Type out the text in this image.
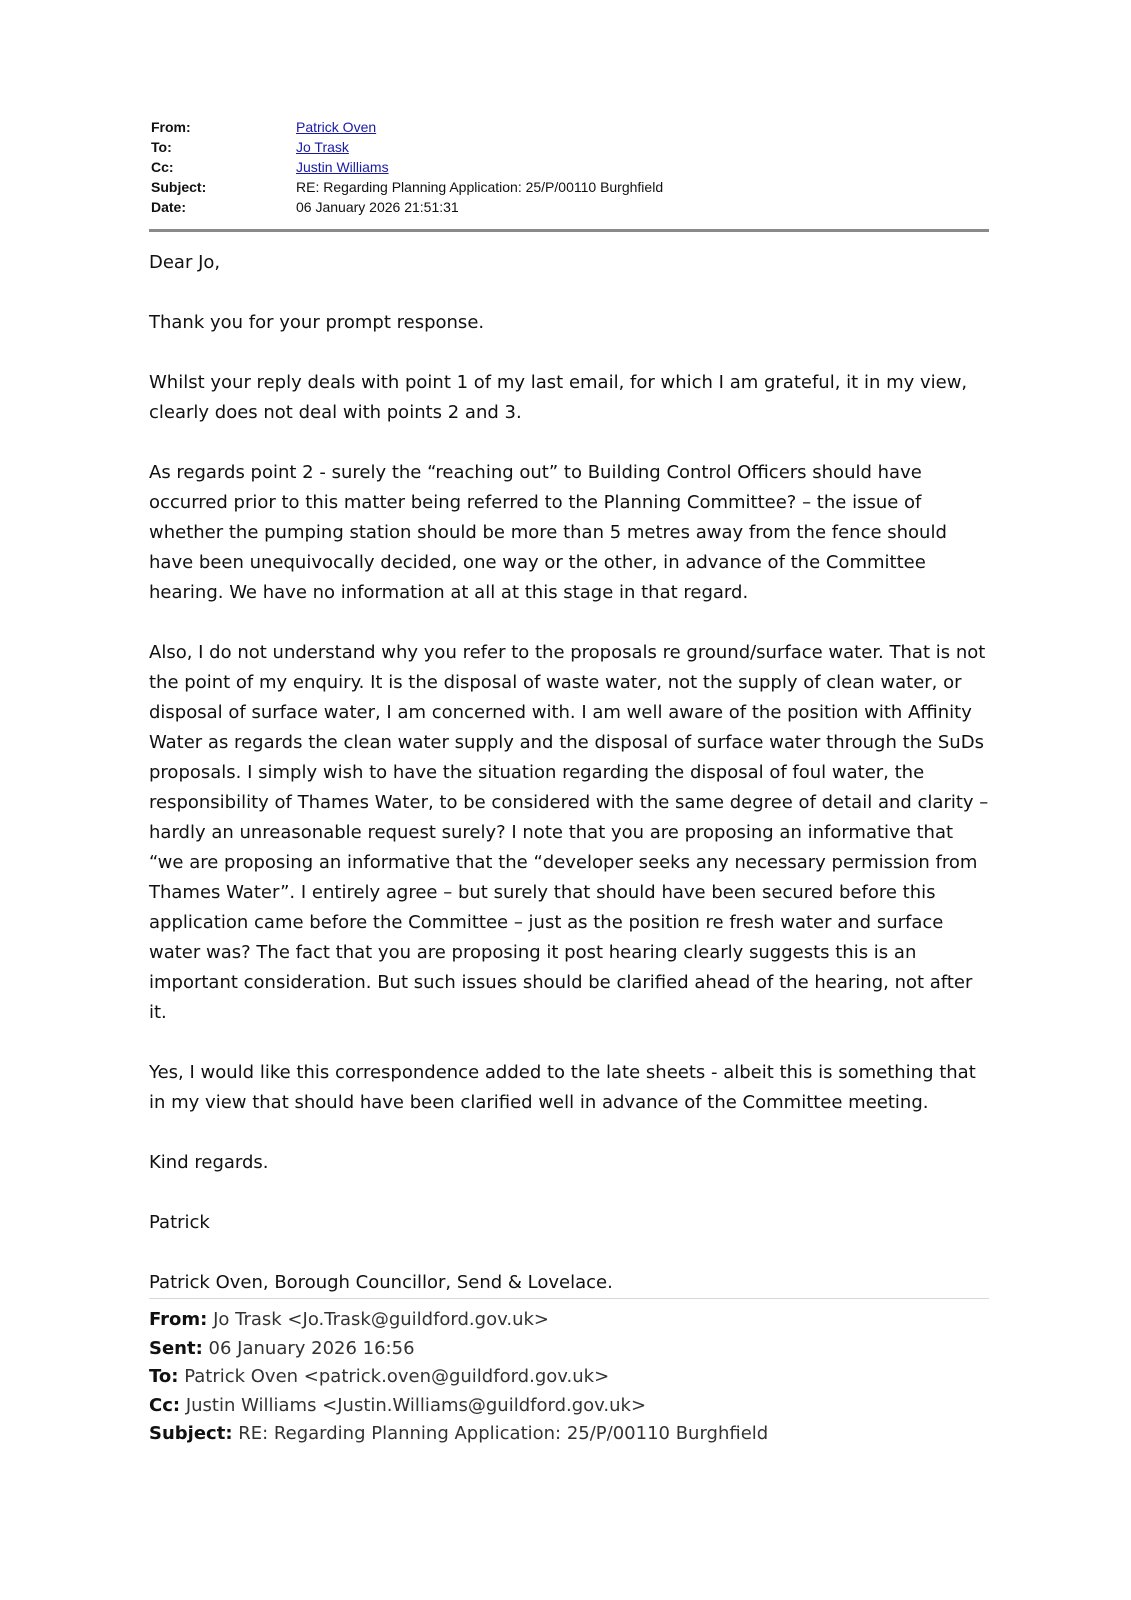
From:	Patrick Oven
To:	Jo Trask
Cc:	Justin Williams
Subject:	RE: Regarding Planning Application: 25/P/00110 Burghfield
Date:	06 January 2026 21:51:31

Dear Jo,

Thank you for your prompt response.

Whilst your reply deals with point 1 of my last email, for which I am grateful, it in my view, clearly does not deal with points 2 and 3.

As regards point 2 - surely the “reaching out” to Building Control Officers should have occurred prior to this matter being referred to the Planning Committee? – the issue of whether the pumping station should be more than 5 metres away from the fence should have been unequivocally decided, one way or the other, in advance of the Committee hearing. We have no information at all at this stage in that regard.

Also, I do not understand why you refer to the proposals re ground/surface water. That is not the point of my enquiry. It is the disposal of waste water, not the supply of clean water, or disposal of surface water, I am concerned with. I am well aware of the position with Affinity Water as regards the clean water supply and the disposal of surface water through the SuDs proposals. I simply wish to have the situation regarding the disposal of foul water, the responsibility of Thames Water, to be considered with the same degree of detail and clarity – hardly an unreasonable request surely? I note that you are proposing an informative that “we are proposing an informative that the “developer seeks any necessary permission from Thames Water”. I entirely agree – but surely that should have been secured before this application came before the Committee – just as the position re fresh water and surface water was? The fact that you are proposing it post hearing clearly suggests this is an important consideration. But such issues should be clarified ahead of the hearing, not after it.

Yes, I would like this correspondence added to the late sheets - albeit this is something that in my view that should have been clarified well in advance of the Committee meeting.

Kind regards.

Patrick

Patrick Oven, Borough Councillor, Send & Lovelace.

From: Jo Trask <Jo.Trask@guildford.gov.uk>
Sent: 06 January 2026 16:56
To: Patrick Oven <patrick.oven@guildford.gov.uk>
Cc: Justin Williams <Justin.Williams@guildford.gov.uk>
Subject: RE: Regarding Planning Application: 25/P/00110 Burghfield
